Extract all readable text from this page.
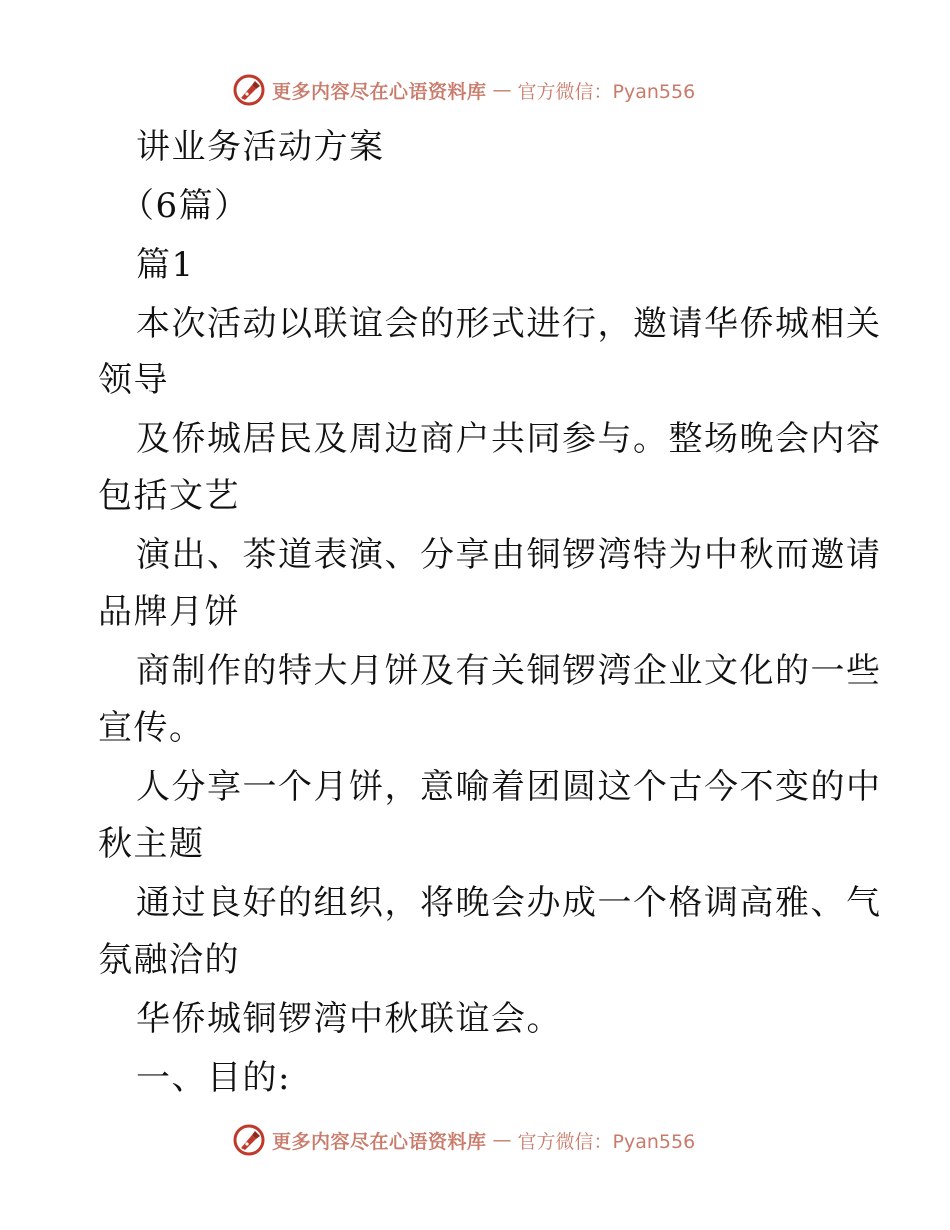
更多内容尽在心语资料库 — 官方微信：Pyan556
讲业务活动方案
（6篇）
篇1
本次活动以联谊会的形式进行，邀请华侨城相关
领导
及侨城居民及周边商户共同参与。整场晚会内容
包括文艺
演出、茶道表演、分享由铜锣湾特为中秋而邀请
品牌月饼
商制作的特大月饼及有关铜锣湾企业文化的一些
宣传。
人分享一个月饼，意喻着团圆这个古今不变的中
秋主题
通过良好的组织，将晚会办成一个格调高雅、气
氛融洽的
华侨城铜锣湾中秋联谊会。
一、目的:
更多内容尽在心语资料库 — 官方微信：Pyan556
